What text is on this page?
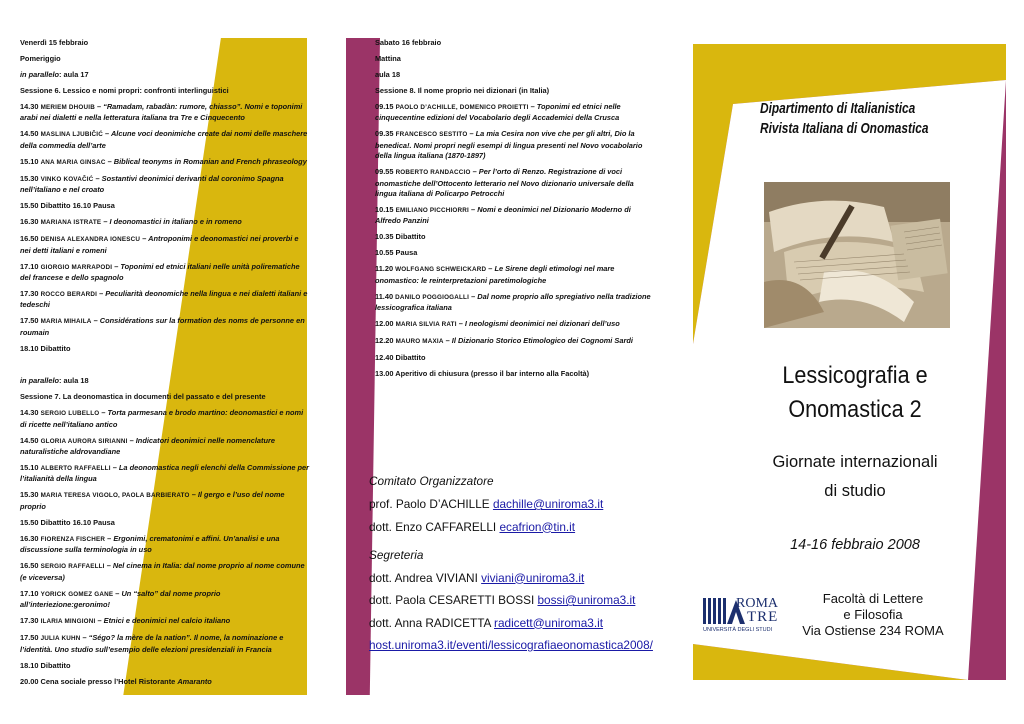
Venerdì 15 febbraio

Pomeriggio

in parallelo: aula 17

Sessione 6. Lessico e nomi propri: confronti interlinguistici

14.30 MERIEM DHOUIB – “Ramadam, rabadàn: rumore, chiasso”. Nomi e toponimi arabi nei dialetti e nella letteratura italiana tra Tre e Cinquecento

14.50 MASLINA LJUBIČIĆ – Alcune voci deonimiche create dai nomi delle maschere della commedia dell’arte

15.10 ANA MARIA GINSAC – Biblical teonyms in Romanian and French phraseology

15.30 VINKO KOVAČIĆ – Sostantivi deonimici derivanti dal coronimo Spagna nell’italiano e nel croato

15.50 Dibattito 16.10 Pausa

16.30 MARIANA ISTRATE – I deonomastici in italiano e in romeno

16.50 DENISA ALEXANDRA IONESCU – Antroponimi e deonomastici nei proverbi e nei detti italiani e romeni

17.10 GIORGIO MARRAPODI – Toponimi ed etnici italiani nelle unità polirematiche del francese e dello spagnolo

17.30 ROCCO BERARDI – Peculiarità deonomiche nella lingua e nei dialetti italiani e tedeschi

17.50 MARIA MIHAILA – Considérations sur la formation des noms de personne en roumain

18.10 Dibattito

in parallelo: aula 18

Sessione 7. La deonomastica in documenti del passato e del presente

14.30 SERGIO LUBELLO – Torta parmesana e brodo martino: deonomastici e nomi di ricette nell’italiano antico

14.50 GLORIA AURORA SIRIANNI – Indicatori deonimici nelle nomenclature naturalistiche aldrovandiane

15.10 ALBERTO RAFFAELLI – La deonomastica negli elenchi della Commissione per l’italianità della lingua

15.30 MARIA TERESA VIGOLO, PAOLA BARBIERATO – Il gergo e l’uso del nome proprio

15.50 Dibattito 16.10 Pausa

16.30 FIORENZA FISCHER – Ergonimi, crematonimi e affini. Un’analisi e una discussione sulla terminologia in uso

16.50 SERGIO RAFFAELLI – Nel cinema in Italia: dal nome proprio al nome comune (e viceversa)

17.10 YORICK GOMEZ GANE – Un “salto” dal nome proprio all’interiezione:geronimo!

17.30 ILARIA MINGIONI – Etnici e deonimici nel calcio italiano

17.50 JULIA KUHN – “Ségo? la mère de la nation”. Il nome, la nominazione e l’identità. Uno studio sull’esempio delle elezioni presidenziali in Francia

18.10 Dibattito

20.00 Cena sociale presso l’Hotel Ristorante Amaranto

Sabato 16 febbraio

Mattina

aula 18

Sessione 8. Il nome proprio nei dizionari (in Italia)

09.15 PAOLO D’ACHILLE, DOMENICO PROIETTI – Toponimi ed etnici nelle cinquecentine edizioni del Vocabolario degli Accademici della Crusca

09.35 FRANCESCO SESTITO – La mia Cesira non vive che per gli altri, Dio la benedica!. Nomi propri negli esempi di lingua presenti nel Novo vocabolario della lingua italiana (1870-1897)

09.55 ROBERTO RANDACCIO – Per l’orto di Renzo. Registrazione di voci onomastiche dell’Ottocento letterario nel Novo dizionario universale della lingua italiana di Policarpo Petrocchi

10.15 EMILIANO PICCHIORRI – Nomi e deonimici nel Dizionario Moderno di Alfredo Panzini

10.35 Dibattito

10.55 Pausa

11.20 WOLFGANG SCHWEICKARD – Le Sirene degli etimologi nel mare onomastico: le reinterpretazioni paretimologiche

11.40 DANILO POGGIOGALLI – Dal nome proprio allo spregiativo nella tradizione lessicografica italiana

12.00 MARIA SILVIA RATI – I neologismi deonimici nei dizionari dell’uso

12.20 MAURO MAXIA – Il Dizionario Storico Etimologico dei Cognomi Sardi

12.40 Dibattito

13.00 Aperitivo di chiusura (presso il bar interno alla Facoltà)

Comitato Organizzatore
prof. Paolo D’ACHILLE dachille@uniroma3.it
dott. Enzo CAFFARELLI ecafrion@tin.it
Segreteria
dott. Andrea VIVIANI viviani@uniroma3.it
dott. Paola CESARETTI BOSSI bossi@uniroma3.it
dott. Anna RADICETTA radicett@uniroma3.it
host.uniroma3.it/eventi/lessicografiaeonomastica2008/
Dipartimento di Italianistica
Rivista Italiana di Onomastica
Lessicografia e
Onomastica 2
Giornate internazionali
di studio
14-16 febbraio 2008
ROMA
TRE
UNIVERSITÀ DEGLI STUDI
Facoltà di Lettere
e Filosofia
Via Ostiense 234 ROMA
